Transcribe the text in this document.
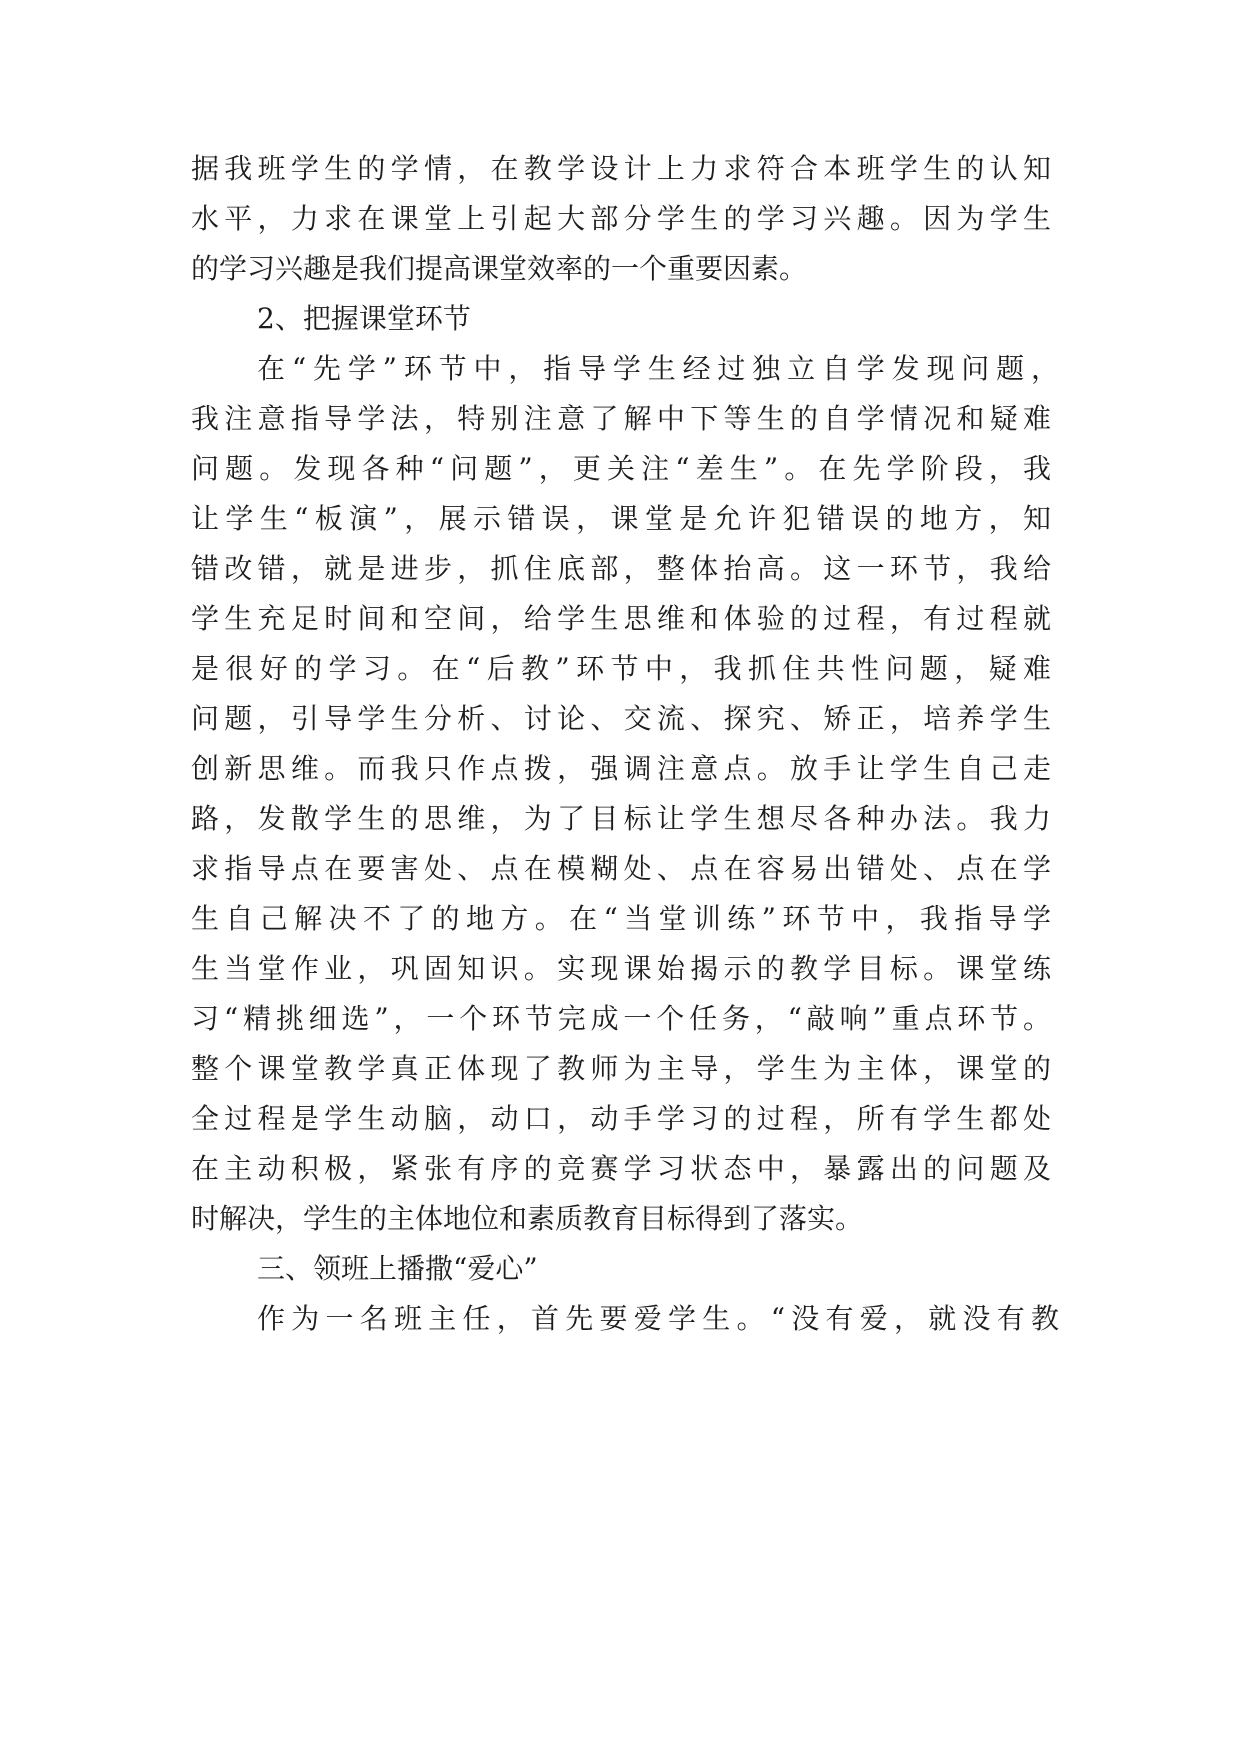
据我班学生的学情，在教学设计上力求符合本班学生的认知
水平，力求在课堂上引起大部分学生的学习兴趣。因为学生
的学习兴趣是我们提高课堂效率的一个重要因素。
2、把握课堂环节
在“先学”环节中，指导学生经过独立自学发现问题，
我注意指导学法，特别注意了解中下等生的自学情况和疑难
问题。发现各种“问题”，更关注“差生”。在先学阶段，我
让学生“板演”，展示错误，课堂是允许犯错误的地方，知
错改错，就是进步，抓住底部，整体抬高。这一环节，我给
学生充足时间和空间，给学生思维和体验的过程，有过程就
是很好的学习。在“后教”环节中，我抓住共性问题，疑难
问题，引导学生分析、讨论、交流、探究、矫正，培养学生
创新思维。而我只作点拨，强调注意点。放手让学生自己走
路，发散学生的思维，为了目标让学生想尽各种办法。我力
求指导点在要害处、点在模糊处、点在容易出错处、点在学
生自己解决不了的地方。在“当堂训练”环节中，我指导学
生当堂作业，巩固知识。实现课始揭示的教学目标。课堂练
习“精挑细选”，一个环节完成一个任务，“敲响”重点环节。
整个课堂教学真正体现了教师为主导，学生为主体，课堂的
全过程是学生动脑，动口，动手学习的过程，所有学生都处
在主动积极，紧张有序的竞赛学习状态中，暴露出的问题及
时解决，学生的主体地位和素质教育目标得到了落实。
三、领班上播撒“爱心”
作为一名班主任，首先要爱学生。“没有爱，就没有教
